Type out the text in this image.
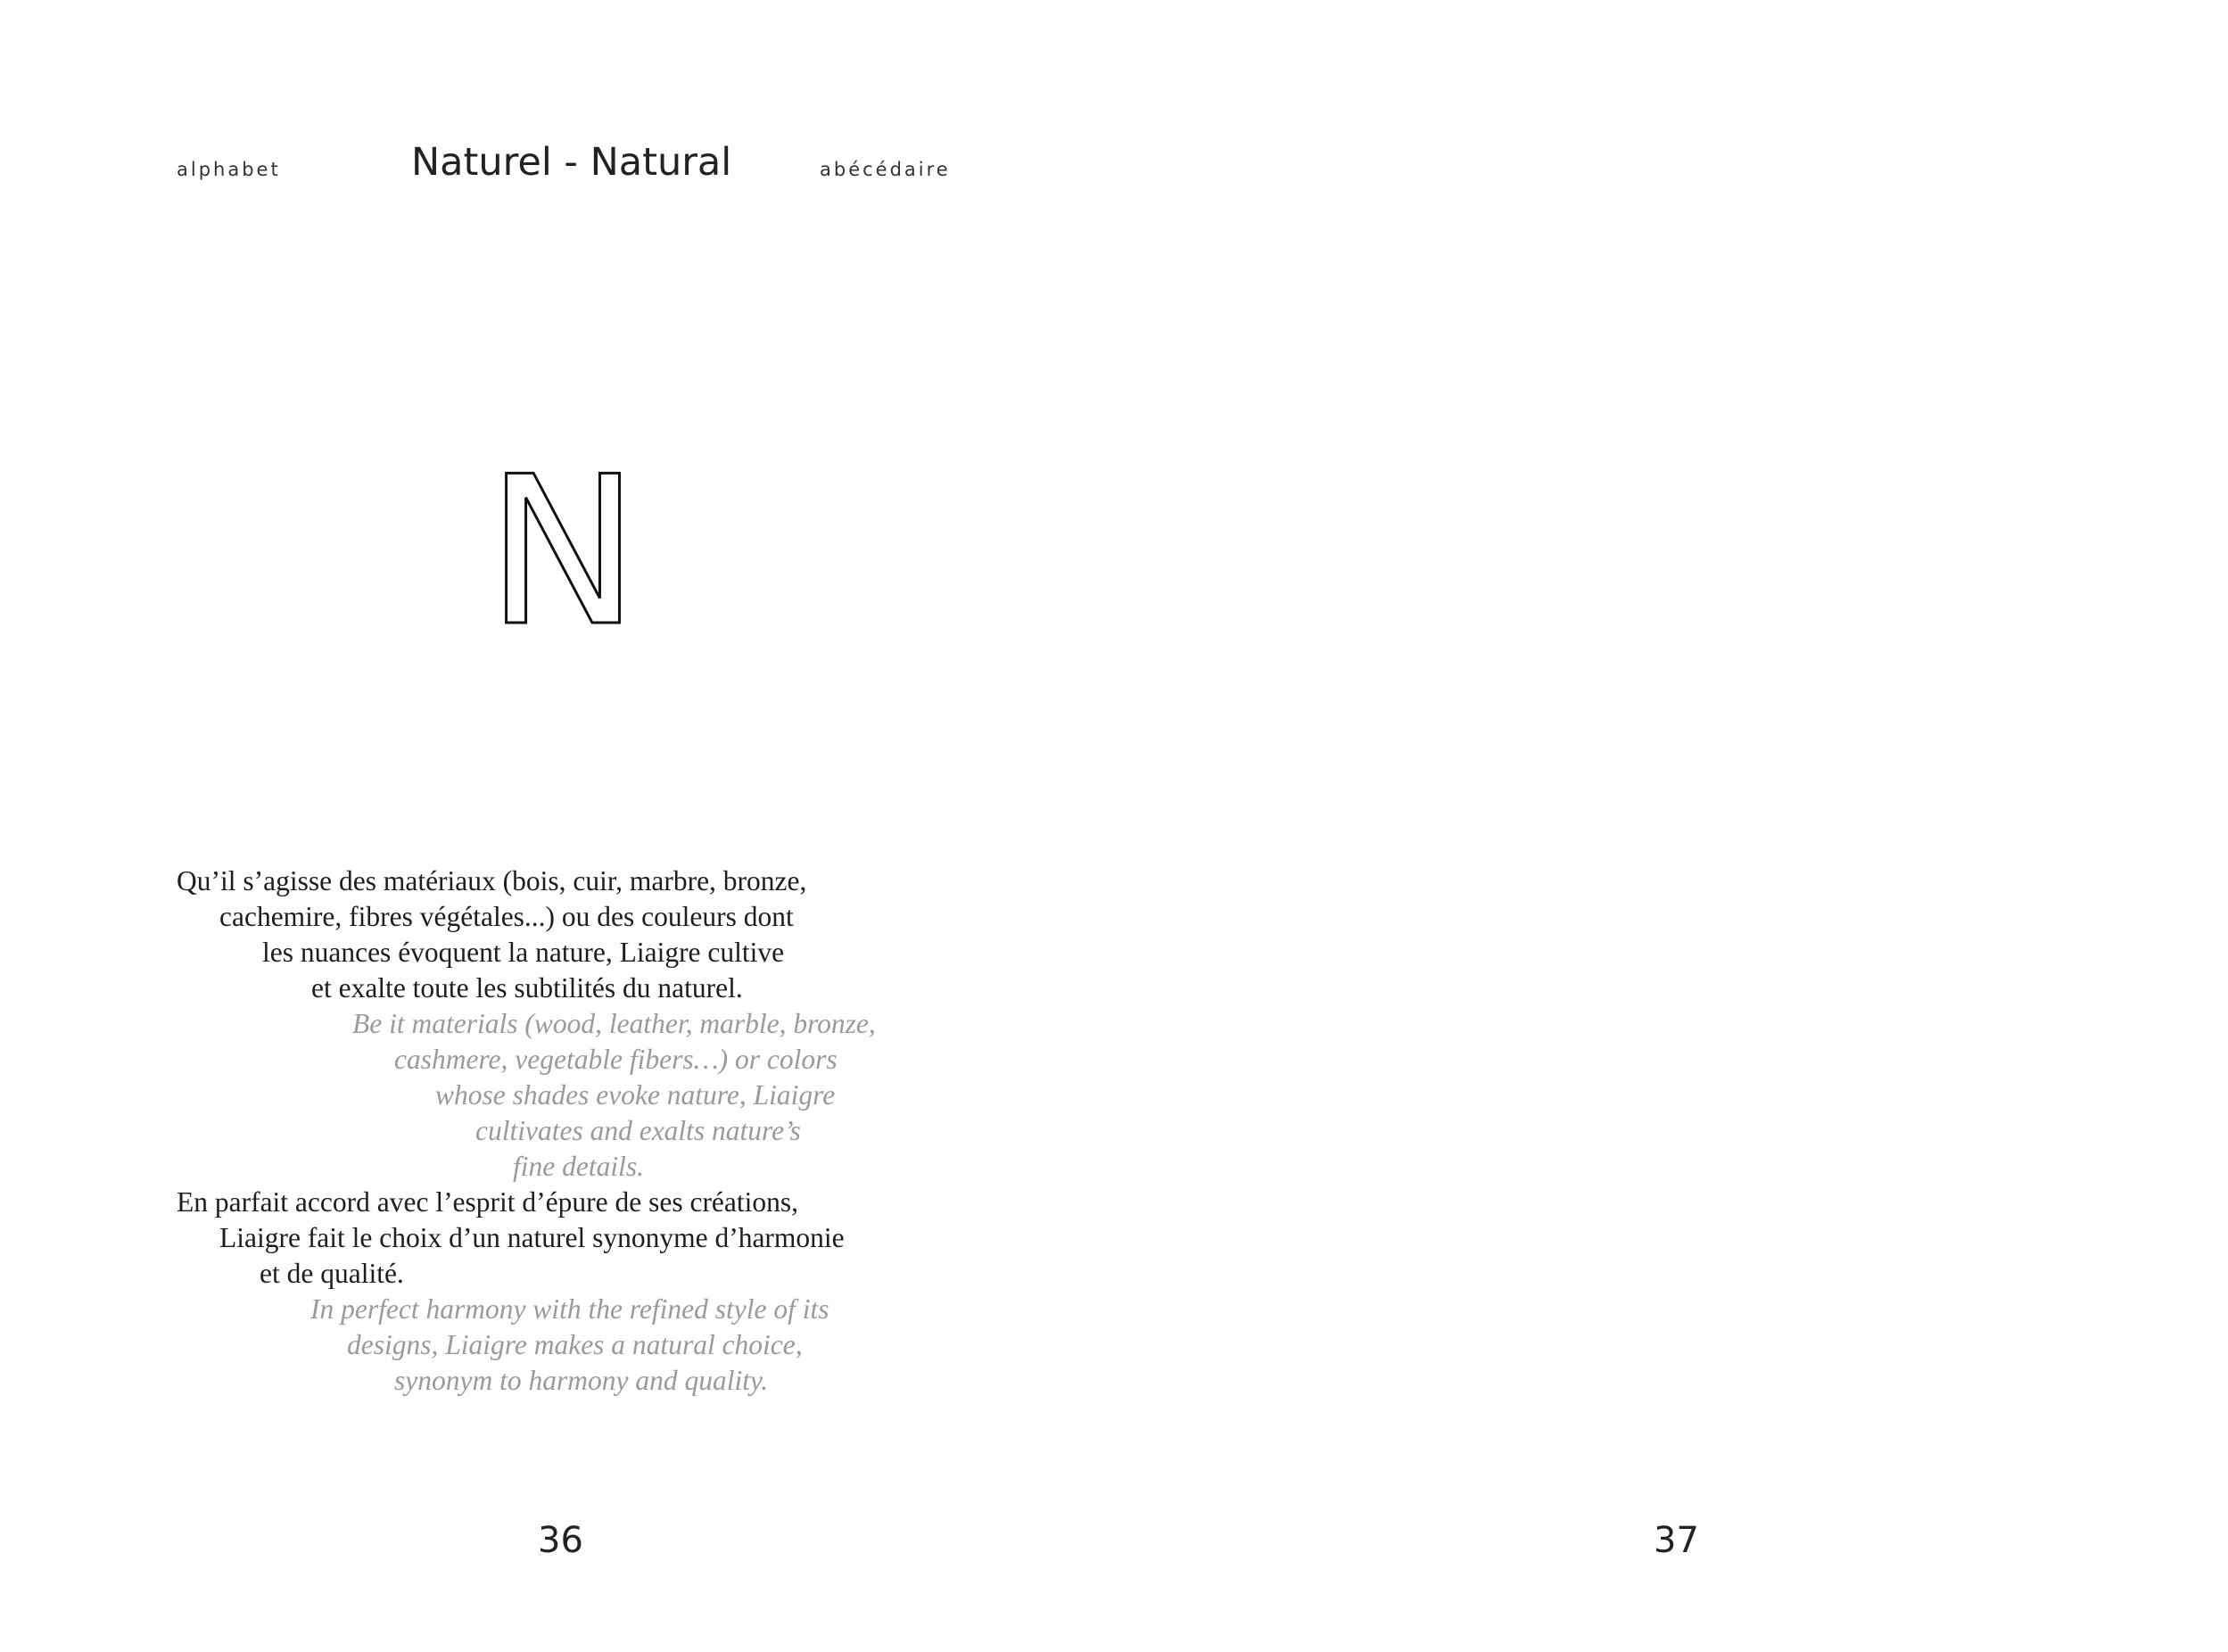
alphabet	Naturel - Natural	abécédaire
N
Qu’il s’agisse des matériaux (bois, cuir, marbre, bronze,
cachemire, fibres végétales...) ou des couleurs dont
les nuances évoquent la nature, Liaigre cultive
et exalte toute les subtilités du naturel.
Be it materials (wood, leather, marble, bronze,
cashmere, vegetable fibers…) or colors
whose shades evoke nature, Liaigre
cultivates and exalts nature’s
fine details.
En parfait accord avec l’esprit d’épure de ses créations,
Liaigre fait le choix d’un naturel synonyme d’harmonie
et de qualité.
In perfect harmony with the refined style of its
designs, Liaigre makes a natural choice,
synonym to harmony and quality.
36	37
